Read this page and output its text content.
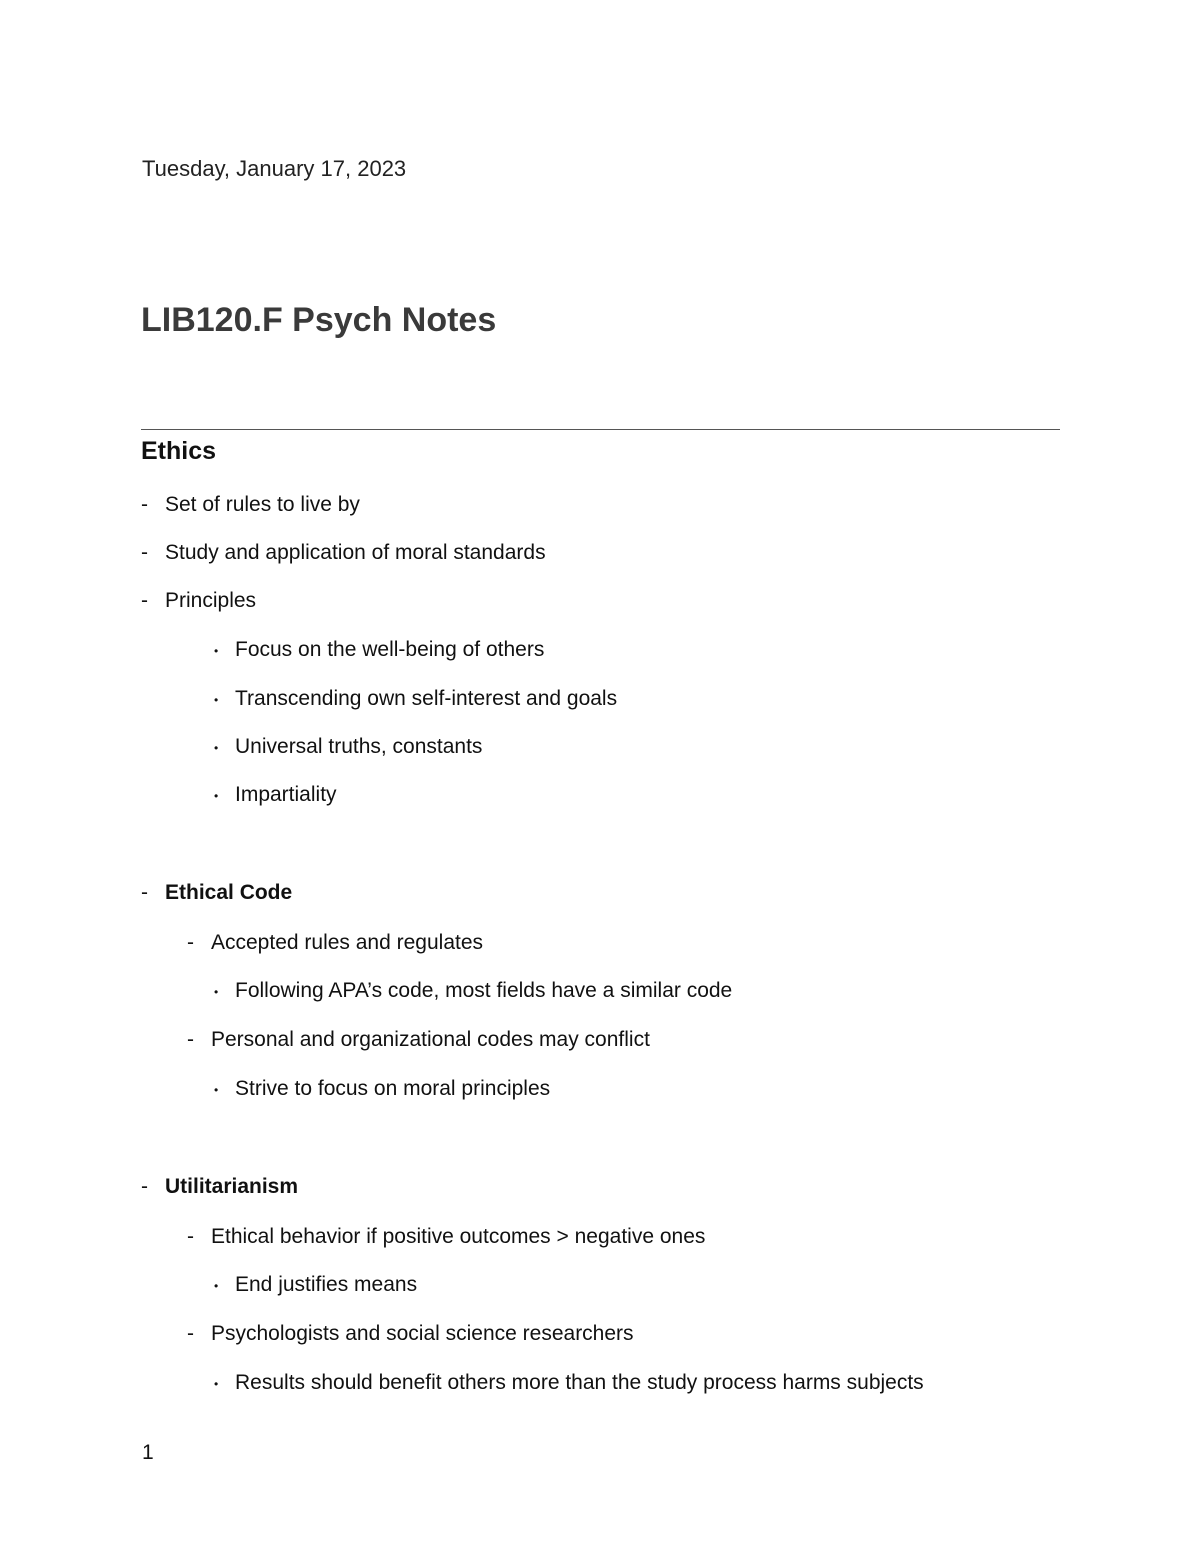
Tuesday, January 17, 2023
LIB120.F Psych Notes
Ethics
- Set of rules to live by
- Study and application of moral standards
- Principles
• Focus on the well-being of others
• Transcending own self-interest and goals
• Universal truths, constants
• Impartiality
- Ethical Code
- Accepted rules and regulates
• Following APA’s code, most fields have a similar code
- Personal and organizational codes may conflict
• Strive to focus on moral principles
- Utilitarianism
- Ethical behavior if positive outcomes > negative ones
• End justifies means
- Psychologists and social science researchers
• Results should benefit others more than the study process harms subjects
1
